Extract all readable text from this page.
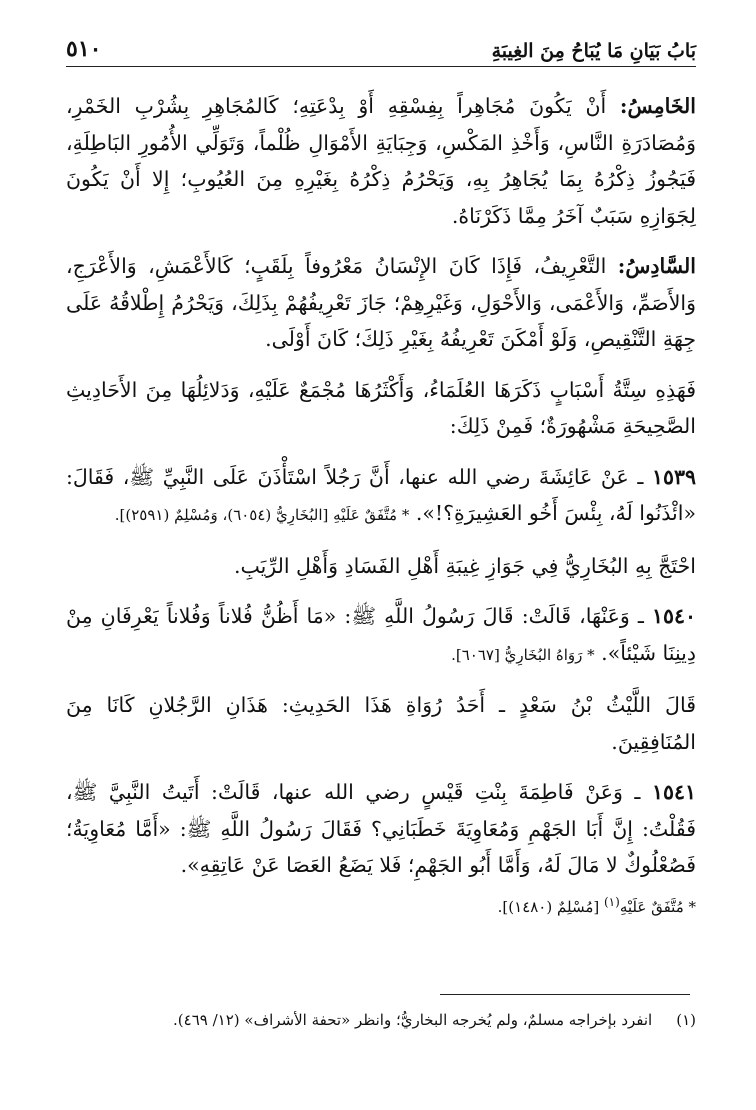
بَابُ بَيَانِ مَا يُبَاحُ مِنَ الغِيبَةِ
٥١٠

الخَامِسُ: أَنْ يَكُونَ مُجَاهِراً بِفِسْقِهِ أَوْ بِدْعَتِهِ؛ كَالمُجَاهِرِ بِشُرْبِ الخَمْرِ، وَمُصَادَرَةِ النَّاسِ، وَأَخْذِ المَكْسِ، وَجِبَايَةِ الأَمْوَالِ ظُلْماً، وَتَوَلِّي الأُمُورِ البَاطِلَةِ، فَيَجُوزُ ذِكْرُهُ بِمَا يُجَاهِرُ بِهِ، وَيَحْرُمُ ذِكْرُهُ بِغَيْرِهِ مِنَ العُيُوبِ؛ إِلا أَنْ يَكُونَ لِجَوَازِهِ سَبَبٌ آخَرُ مِمَّا ذَكَرْنَاهُ.

السَّادِسُ: التَّعْرِيفُ، فَإِذَا كَانَ الإِنْسَانُ مَعْرُوفاً بِلَقَبٍ؛ كَالأَعْمَشِ، وَالأَعْرَجِ، وَالأَصَمِّ، وَالأَعْمَى، وَالأَحْوَلِ، وَغَيْرِهِمْ؛ جَازَ تَعْرِيفُهُمْ بِذَلِكَ، وَيَحْرُمُ إِطْلاقُهُ عَلَى جِهَةِ التَّنْقِيصِ، وَلَوْ أَمْكَنَ تَعْرِيفُهُ بِغَيْرِ ذَلِكَ؛ كَانَ أَوْلَى.

فَهَذِهِ سِتَّةُ أَسْبَابٍ ذَكَرَهَا العُلَمَاءُ، وَأَكْثَرُهَا مُجْمَعٌ عَلَيْهِ، وَدَلائِلُهَا مِنَ الأَحَادِيثِ الصَّحِيحَةِ مَشْهُورَةٌ؛ فَمِنْ ذَلِكَ:

١٥٣٩ ـ عَنْ عَائِشَةَ رضي الله عنها، أَنَّ رَجُلاً اسْتَأْذَنَ عَلَى النَّبِيِّ ﷺ، فَقَالَ: «ائْذَنُوا لَهُ، بِئْسَ أَخُو العَشِيرَةِ؟!». * مُتَّفَقٌ عَلَيْهِ [البُخَارِيُّ (٦٠٥٤)، وَمُسْلِمٌ (٢٥٩١)].

احْتَجَّ بِهِ البُخَارِيُّ فِي جَوَازِ غِيبَةِ أَهْلِ الفَسَادِ وَأَهْلِ الرِّيَبِ.

١٥٤٠ ـ وَعَنْهَا، قَالَتْ: قَالَ رَسُولُ اللَّهِ ﷺ: «مَا أَظُنُّ فُلاناً وَفُلاناً يَعْرِفَانِ مِنْ دِينِنَا شَيْئاً». * رَوَاهُ البُخَارِيُّ [٦٠٦٧].

قَالَ اللَّيْثُ بْنُ سَعْدٍ ـ أَحَدُ رُوَاةِ هَذَا الحَدِيثِ: هَذَانِ الرَّجُلانِ كَانَا مِنَ المُنَافِقِينَ.

١٥٤١ ـ وَعَنْ فَاطِمَةَ بِنْتِ قَيْسٍ رضي الله عنها، قَالَتْ: أَتَيتُ النَّبِيَّ ﷺ، فَقُلْتُ: إِنَّ أَبَا الجَهْمِ وَمُعَاوِيَةَ خَطَبَانِي؟ فَقَالَ رَسُولُ اللَّهِ ﷺ: «أَمَّا مُعَاوِيَةُ؛ فَصُعْلُوكٌ لا مَالَ لَهُ، وَأَمَّا أَبُو الجَهْمِ؛ فَلا يَضَعُ العَصَا عَنْ عَاتِقِهِ».
* مُتَّفَقٌ عَلَيْهِ$^{(١)}$ [مُسْلِمٌ (١٤٨٠)].

(١)انفرد بإخراجه مسلمٌ، ولم يُخرجه البخاريُّ؛ وانظر «تحفة الأشراف» (١٢/ ٤٦٩).
